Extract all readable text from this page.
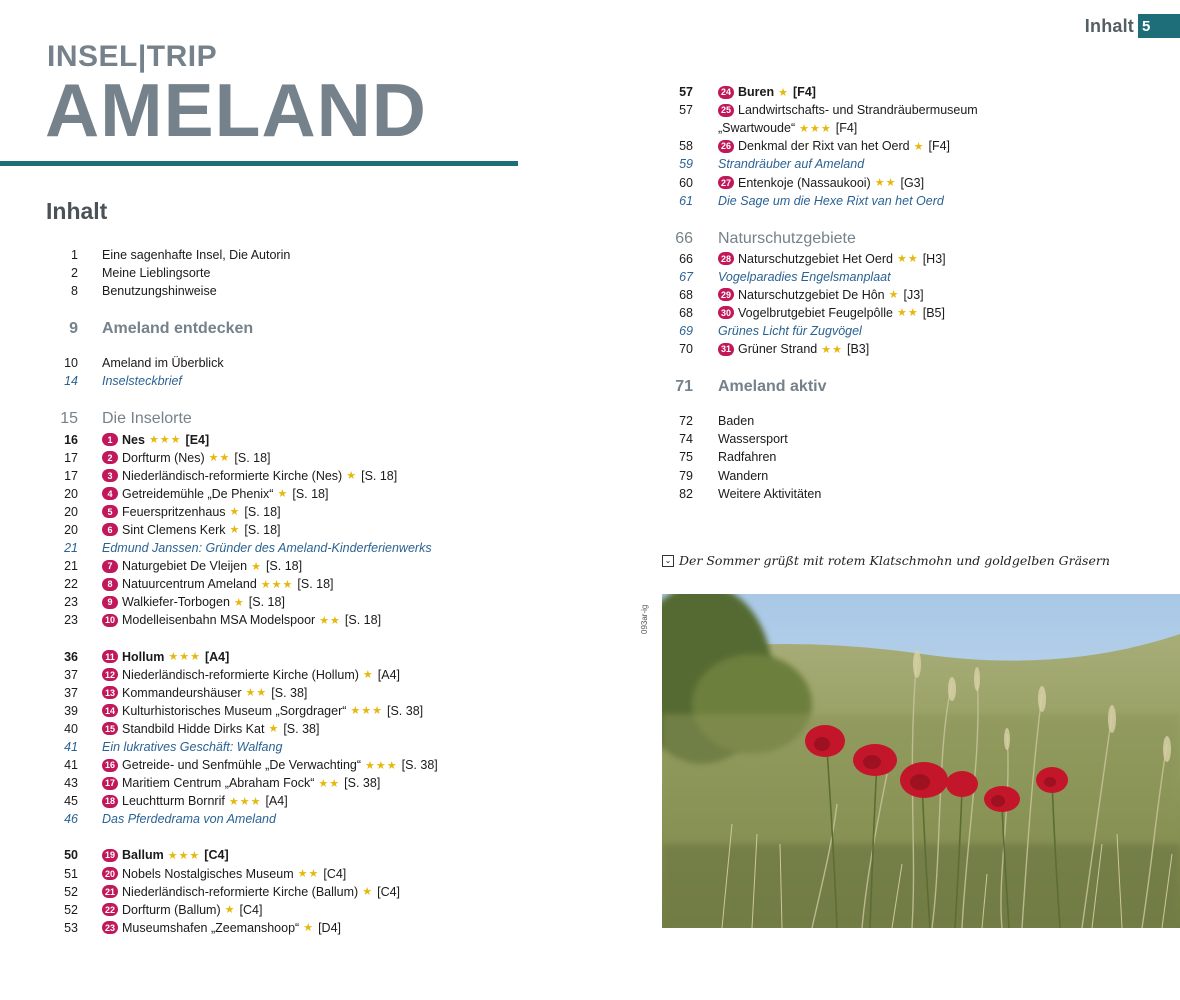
Inhalt 5
INSEL|TRIP
AMELAND
Inhalt
1 Eine sagenhafte Insel, Die Autorin
2 Meine Lieblingsorte
8 Benutzungshinweise
9 Ameland entdecken
10 Ameland im Überblick
14 Inselsteckbrief
15 Die Inselorte
16	1 Nes ★★★ [E4]
17	2 Dorfturm (Nes) ★★ [S. 18]
17	3 Niederländisch-reformierte Kirche (Nes) ★ [S. 18]
20	4 Getreidemühle „De Phenix“ ★ [S. 18]
20	5 Feuerspritzenhaus ★ [S. 18]
20	6 Sint Clemens Kerk ★ [S. 18]
21 Edmund Janssen: Gründer des Ameland-Kinderferienwerks
21	7 Naturgebiet De Vleijen ★ [S. 18]
22	8 Natuurcentrum Ameland ★★★ [S. 18]
23	9 Walkiefer-Torbogen ★ [S. 18]
23	10 Modelleisenbahn MSA Modelspoor ★★ [S. 18]
36	11 Hollum ★★★ [A4]
37	12 Niederländisch-reformierte Kirche (Hollum) ★ [A4]
37	13 Kommandeurshäuser ★★ [S. 38]
39	14 Kulturhistorisches Museum „Sorgdrager“ ★★★ [S. 38]
40	15 Standbild Hidde Dirks Kat ★ [S. 38]
41 Ein lukratives Geschäft: Walfang
41	16 Getreide- und Senfmühle „De Verwachting“ ★★★ [S. 38]
43	17 Maritiem Centrum „Abraham Fock“ ★★ [S. 38]
45	18 Leuchtturm Bornrif ★★★ [A4]
46 Das Pferdedrama von Ameland
50	19 Ballum ★★★ [C4]
51	20 Nobels Nostalgisches Museum ★★ [C4]
52	21 Niederländisch-reformierte Kirche (Ballum) ★ [C4]
52	22 Dorfturm (Ballum) ★ [C4]
53	23 Museumshafen „Zeemanshoop“ ★ [D4]
57	24 Buren ★ [F4]
57	25 Landwirtschafts- und Strandräubermuseum
„Swartwoude“ ★★★ [F4]
58	26 Denkmal der Rixt van het Oerd ★ [F4]
59 Strandräuber auf Ameland
60	27 Entenkoje (Nassaukooi) ★★ [G3]
61 Die Sage um die Hexe Rixt van het Oerd
66 Naturschutzgebiete
66	28 Naturschutzgebiet Het Oerd ★★ [H3]
67 Vogelparadies Engelsmanplaat
68	29 Naturschutzgebiet De Hôn ★ [J3]
68	30 Vogelbrutgebiet Feugelpôlle ★★ [B5]
69 Grünes Licht für Zugvögel
70	31 Grüner Strand ★★ [B3]
71 Ameland aktiv
72 Baden
74 Wassersport
75 Radfahren
79 Wandern
82 Weitere Aktivitäten
⌄ Der Sommer grüßt mit rotem Klatschmohn und goldgelben Gräsern
093ar-ig
